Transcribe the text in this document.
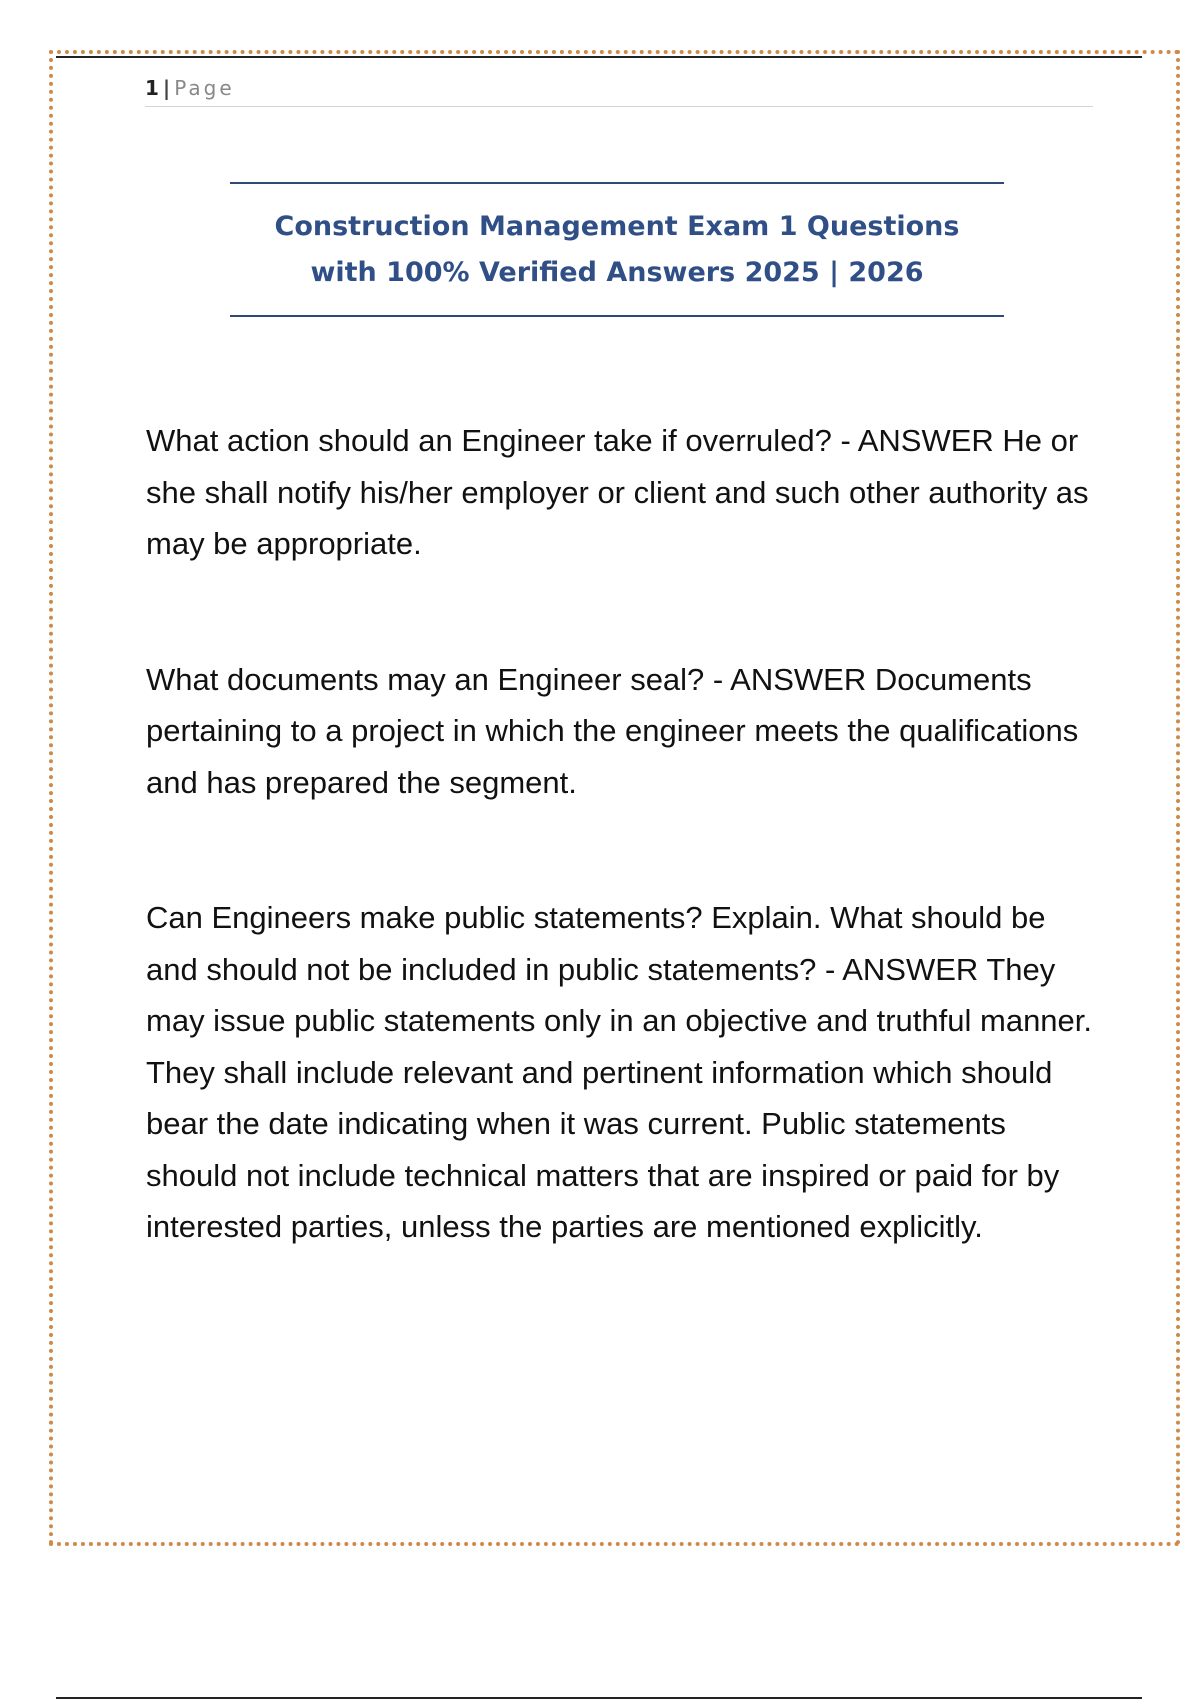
1 | Page
Construction Management Exam 1 Questions
with 100% Verified Answers 2025 | 2026

What action should an Engineer take if overruled? - ANSWER He or she shall notify his/her employer or client and such other authority as may be appropriate.

What documents may an Engineer seal? - ANSWER Documents pertaining to a project in which the engineer meets the qualifications and has prepared the segment.

Can Engineers make public statements? Explain. What should be and should not be included in public statements? - ANSWER They may issue public statements only in an objective and truthful manner. They shall include relevant and pertinent information which should bear the date indicating when it was current. Public statements should not include technical matters that are inspired or paid for by interested parties, unless the parties are mentioned explicitly.
